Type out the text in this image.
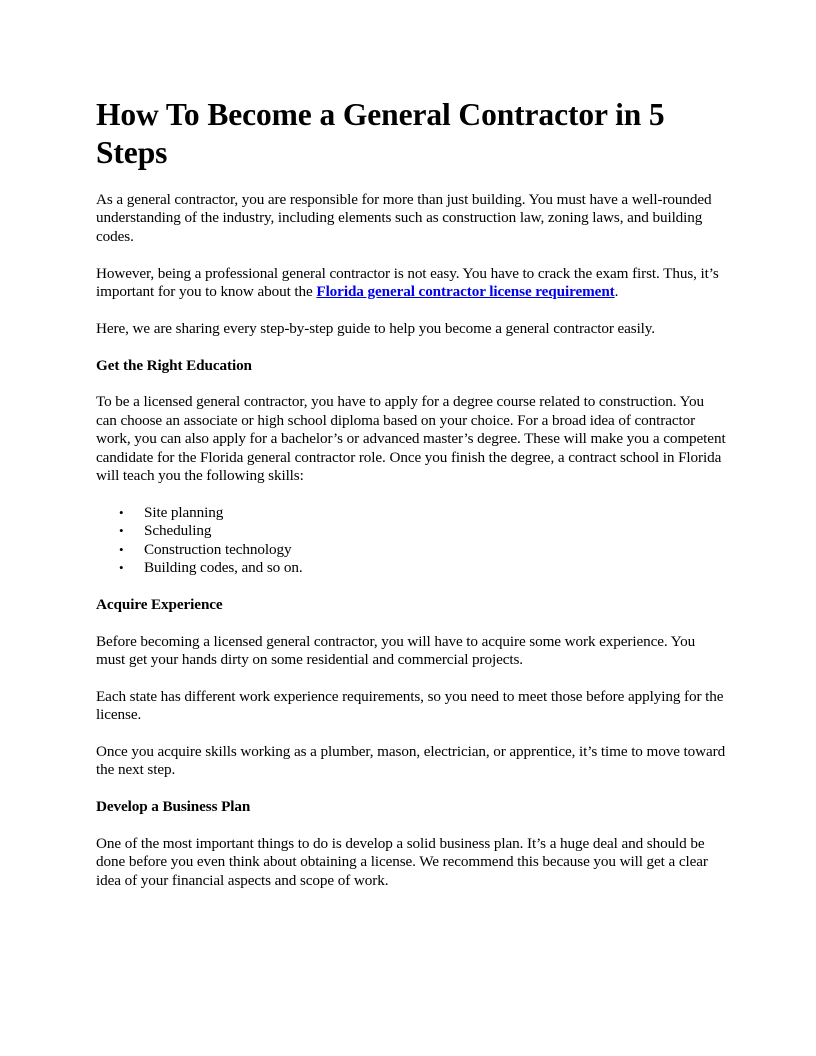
How To Become a General Contractor in 5 Steps

As a general contractor, you are responsible for more than just building. You must have a well-rounded understanding of the industry, including elements such as construction law, zoning laws, and building codes.

However, being a professional general contractor is not easy. You have to crack the exam first. Thus, it’s important for you to know about the Florida general contractor license requirement.

Here, we are sharing every step-by-step guide to help you become a general contractor easily.

Get the Right Education

To be a licensed general contractor, you have to apply for a degree course related to construction. You can choose an associate or high school diploma based on your choice. For a broad idea of contractor work, you can also apply for a bachelor’s or advanced master’s degree. These will make you a competent candidate for the Florida general contractor role. Once you finish the degree, a contract school in Florida will teach you the following skills:

• Site planning
• Scheduling
• Construction technology
• Building codes, and so on.

Acquire Experience

Before becoming a licensed general contractor, you will have to acquire some work experience. You must get your hands dirty on some residential and commercial projects.

Each state has different work experience requirements, so you need to meet those before applying for the license.

Once you acquire skills working as a plumber, mason, electrician, or apprentice, it’s time to move toward the next step.

Develop a Business Plan

One of the most important things to do is develop a solid business plan. It’s a huge deal and should be done before you even think about obtaining a license. We recommend this because you will get a clear idea of your financial aspects and scope of work.
